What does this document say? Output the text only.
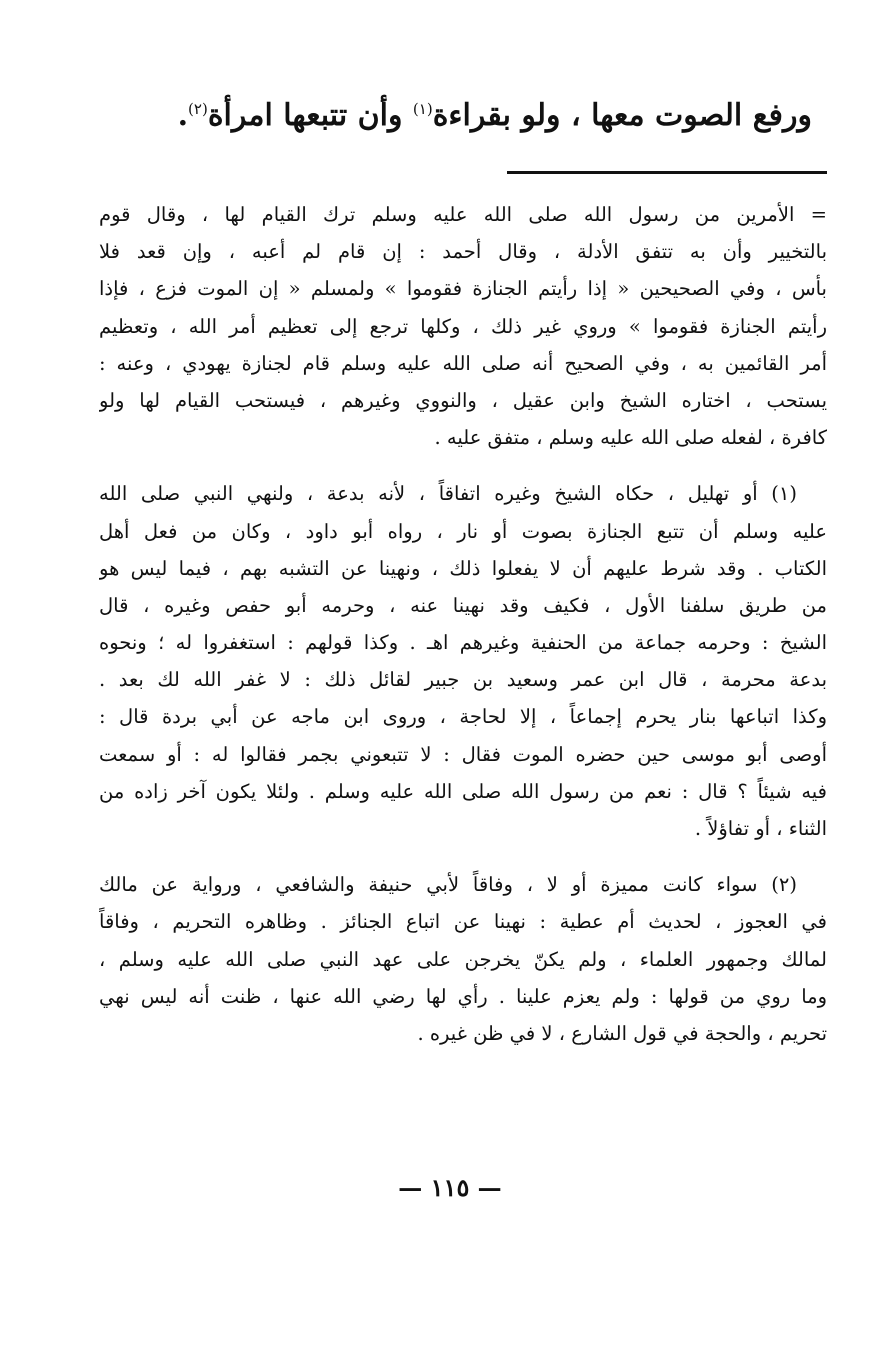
ورفع الصوت معها ، ولو بقراءة$^{(١)}$ وأن تتبعها امرأة$^{(٢)}$.
= الأمرين من رسول الله صلى الله عليه وسلم ترك القيام لها ، وقال قوم
بالتخيير وأن به تتفق الأدلة ، وقال أحمد : إن قام لم أعبه ، وإن قعد فلا
بأس ، وفي الصحيحين « إذا رأيتم الجنازة فقوموا » ولمسلم « إن الموت فزع ، فإذا
رأيتم الجنازة فقوموا » وروي غير ذلك ، وكلها ترجع إلى تعظيم أمر الله ، وتعظيم
أمر القائمين به ، وفي الصحيح أنه صلى الله عليه وسلم قام لجنازة يهودي ، وعنه :
يستحب ، اختاره الشيخ وابن عقيل ، والنووي وغيرهم ، فيستحب القيام لها ولو
كافرة ، لفعله صلى الله عليه وسلم ، متفق عليه .
(١) أو تهليل ، حكاه الشيخ وغيره اتفاقاً ، لأنه بدعة ، ولنهي النبي صلى الله
عليه وسلم أن تتبع الجنازة بصوت أو نار ، رواه أبو داود ، وكان من فعل أهل
الكتاب . وقد شرط عليهم أن لا يفعلوا ذلك ، ونهينا عن التشبه بهم ، فيما ليس هو
من طريق سلفنا الأول ، فكيف وقد نهينا عنه ، وحرمه أبو حفص وغيره ، قال
الشيخ : وحرمه جماعة من الحنفية وغيرهم اهـ . وكذا قولهم : استغفروا له ؛ ونحوه
بدعة محرمة ، قال ابن عمر وسعيد بن جبير لقائل ذلك : لا غفر الله لك بعد .
وكذا اتباعها بنار يحرم إجماعاً ، إلا لحاجة ، وروى ابن ماجه عن أبي بردة قال :
أوصى أبو موسى حين حضره الموت فقال : لا تتبعوني بجمر فقالوا له : أو سمعت
فيه شيئاً ؟ قال : نعم من رسول الله صلى الله عليه وسلم . ولئلا يكون آخر زاده من
الثناء ، أو تفاؤلاً .
(٢) سواء كانت مميزة أو لا ، وفاقاً لأبي حنيفة والشافعي ، ورواية عن مالك
في العجوز ، لحديث أم عطية : نهينا عن اتباع الجنائز . وظاهره التحريم ، وفاقاً
لمالك وجمهور العلماء ، ولم يكنّ يخرجن على عهد النبي صلى الله عليه وسلم ،
وما روي من قولها : ولم يعزم علينا . رأي لها رضي الله عنها ، ظنت أنه ليس نهي
تحريم ، والحجة في قول الشارع ، لا في ظن غيره .
— ١١٥ —
